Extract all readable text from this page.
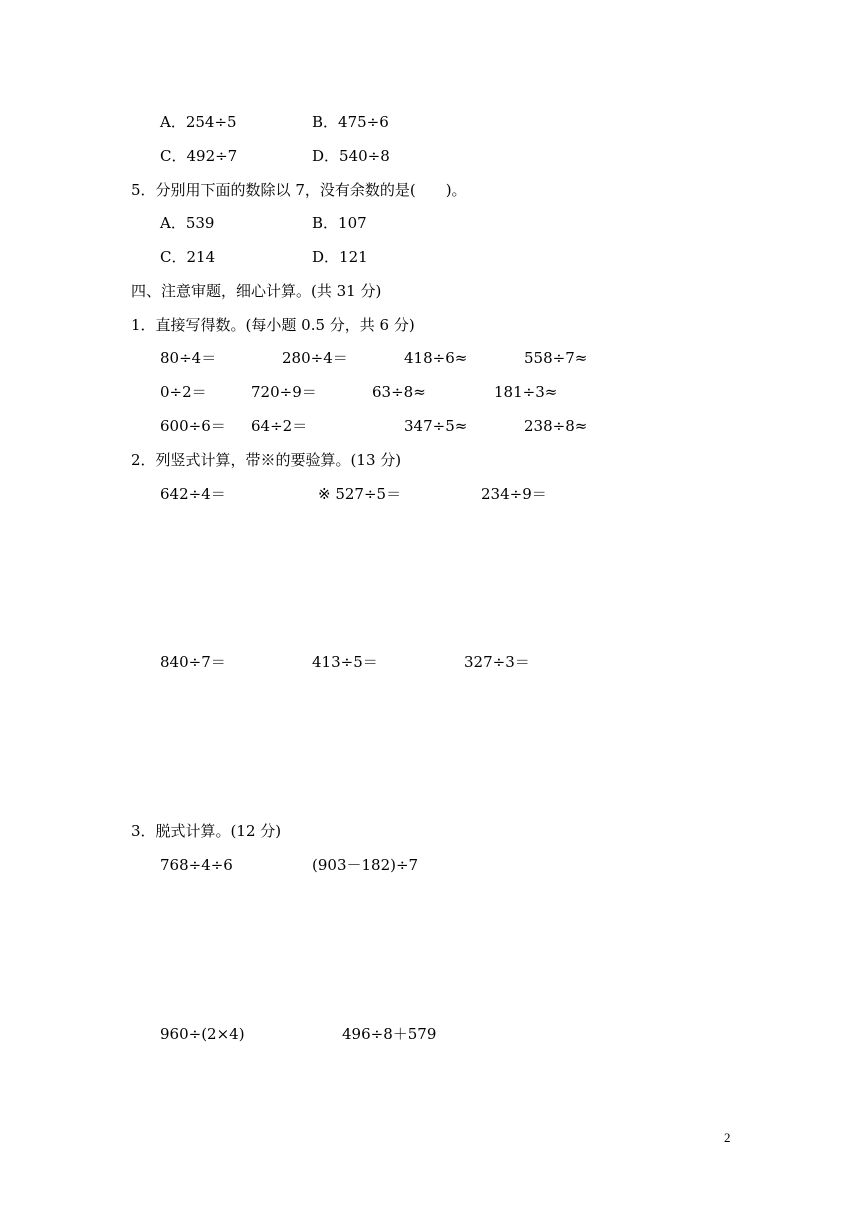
A．254÷5	B．475÷6
C．492÷7	D．540÷8
5．分别用下面的数除以 7，没有余数的是(　　)。
A．539	B．107
C．214	D．121
四、注意审题，细心计算。(共 31 分)
1．直接写得数。(每小题 0.5 分，共 6 分)
80÷4＝	280÷4＝	418÷6≈	558÷7≈
0÷2＝	720÷9＝	63÷8≈	181÷3≈
600÷6＝ 64÷2＝	347÷5≈	238÷8≈
2．列竖式计算，带※的要验算。(13 分)
642÷4＝	※ 527÷5＝	234÷9＝
840÷7＝	413÷5＝	327÷3＝
3．脱式计算。(12 分)
768÷4÷6	(903－182)÷7
960÷(2×4)	496÷8＋579
2
